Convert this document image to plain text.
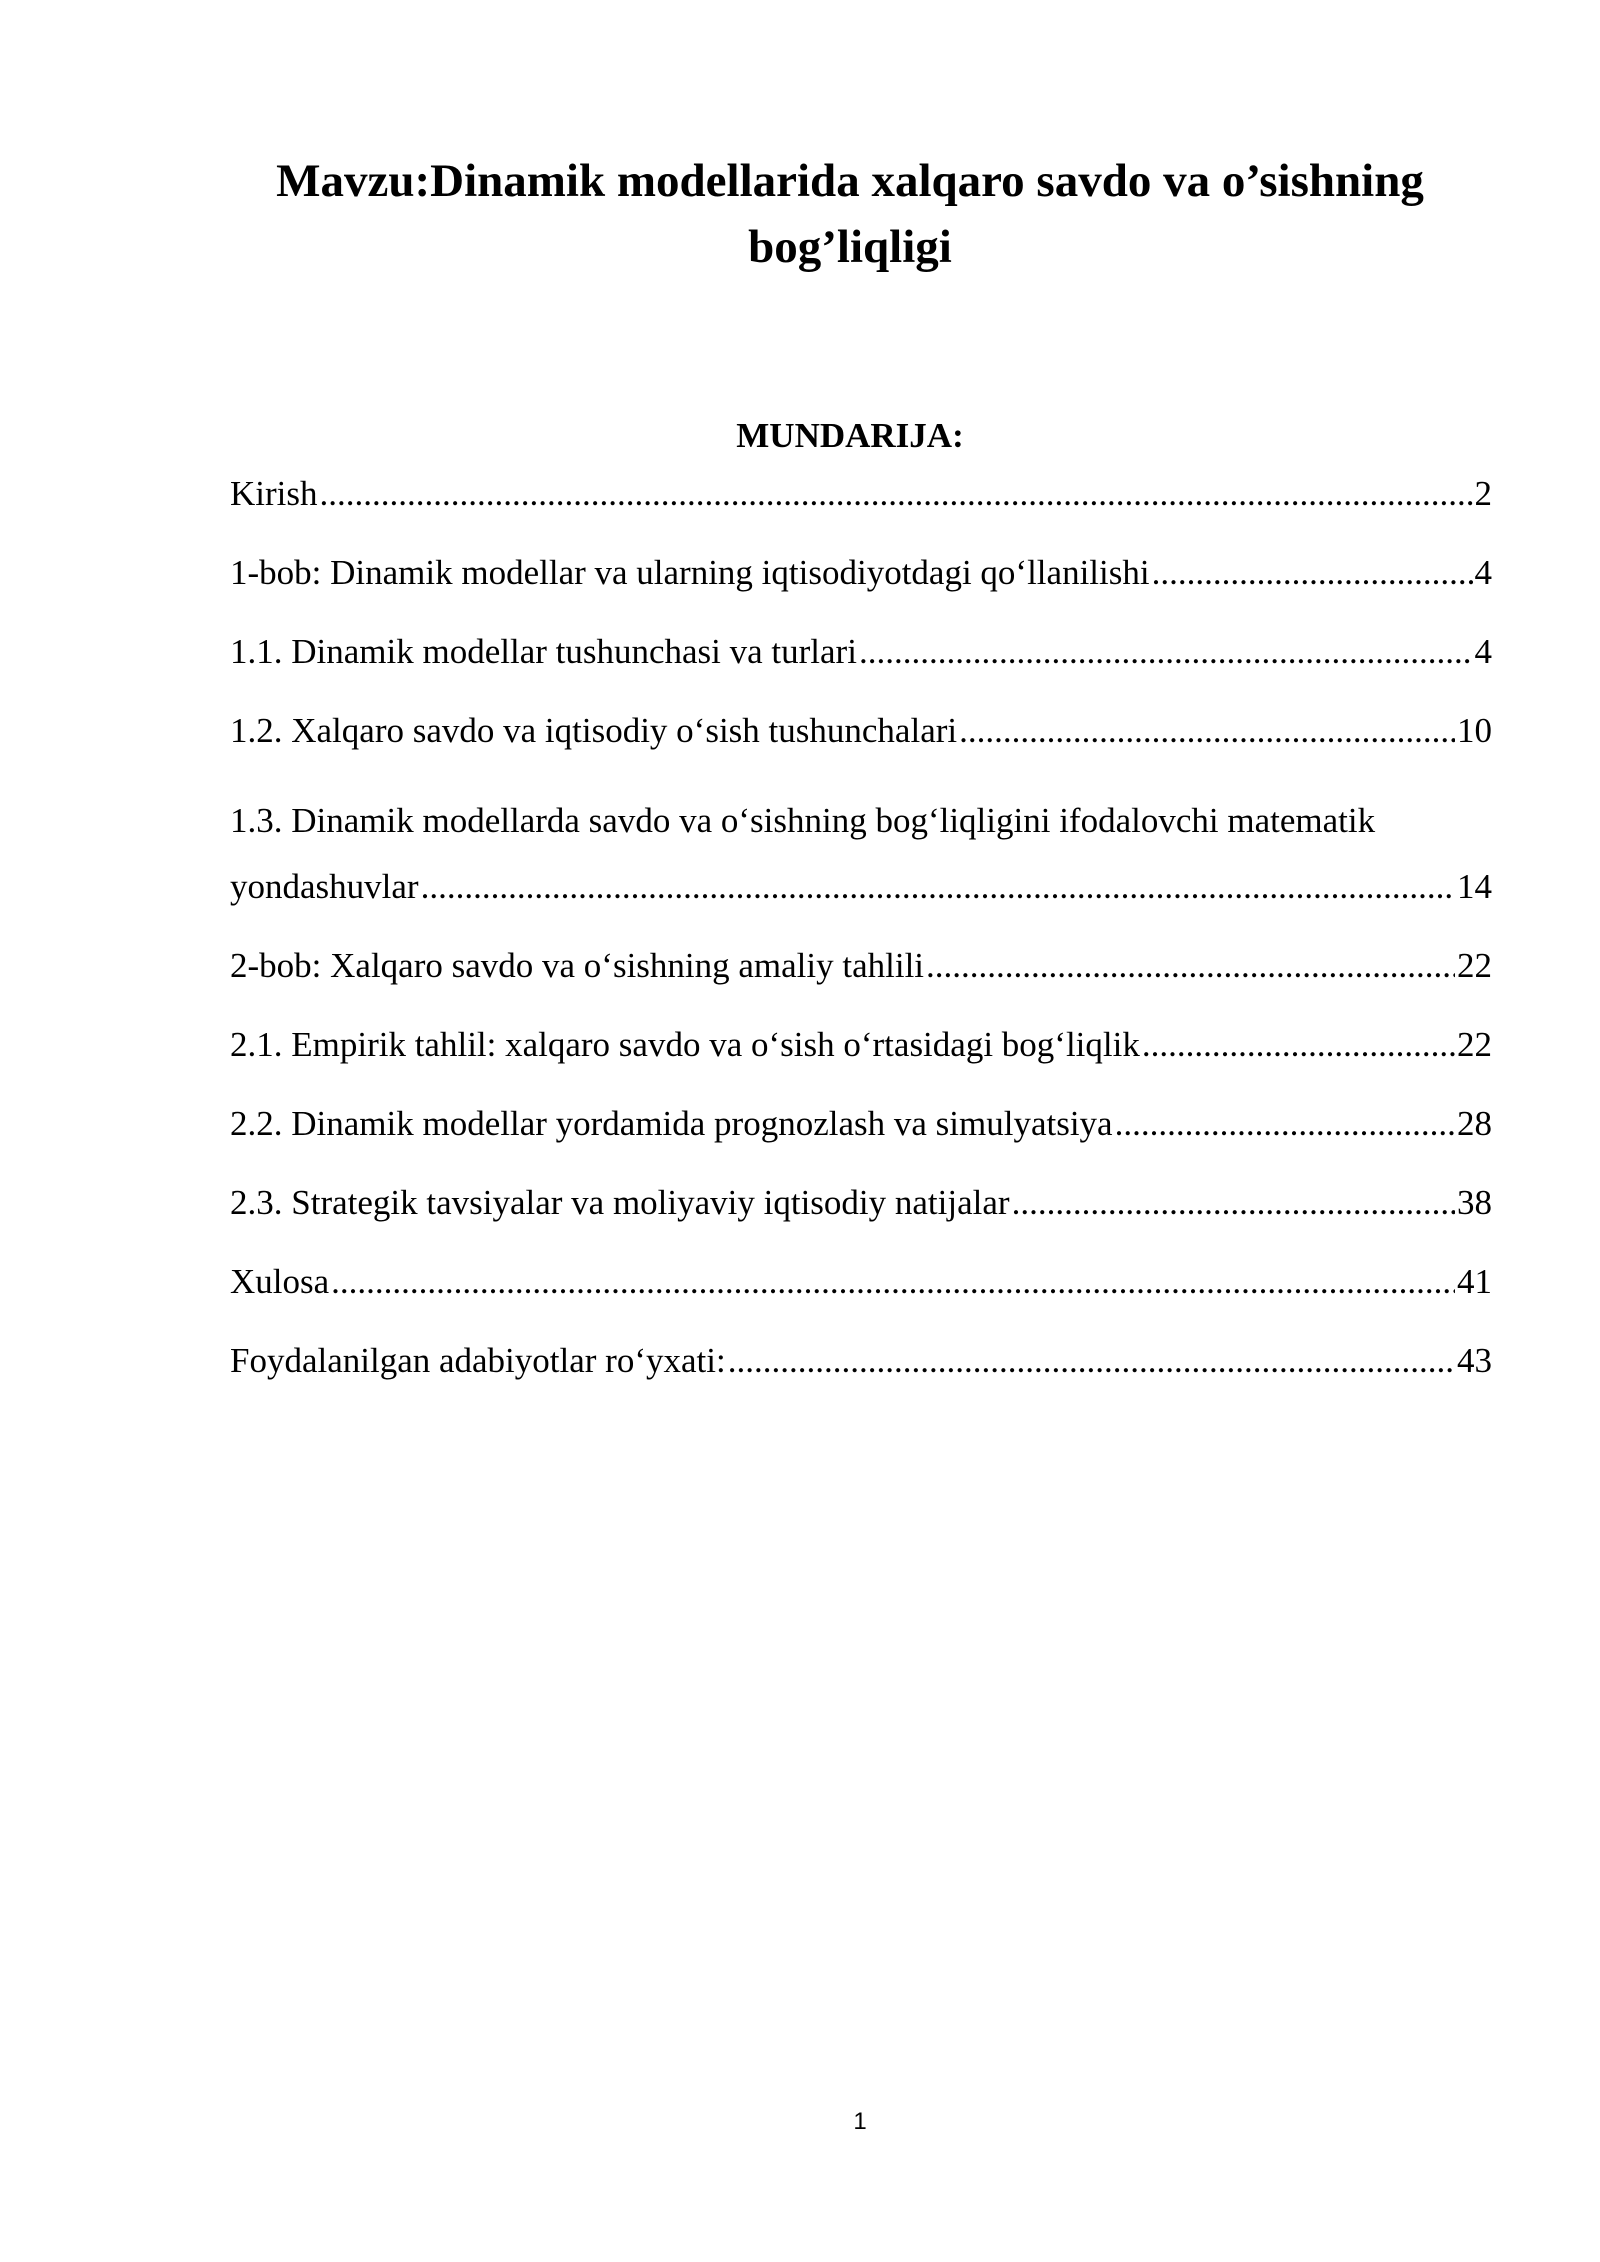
Mavzu:Dinamik modellarida xalqaro savdo va o’sishning
bog’liqligi
MUNDARIJA:
Kirish .....	2
1-bob: Dinamik modellar va ularning iqtisodiyotdagi qo‘llanilishi .....	4
1.1. Dinamik modellar tushunchasi va turlari .....	4
1.2. Xalqaro savdo va iqtisodiy o‘sish tushunchalari .....	10
1.3. Dinamik modellarda savdo va o‘sishning bog‘liqligini ifodalovchi matematik
yondashuvlar .....	14
2-bob: Xalqaro savdo va o‘sishning amaliy tahlili .....	22
2.1. Empirik tahlil: xalqaro savdo va o‘sish o‘rtasidagi bog‘liqlik .....	22
2.2. Dinamik modellar yordamida prognozlash va simulyatsiya .....	28
2.3. Strategik tavsiyalar va moliyaviy iqtisodiy natijalar .....	38
Xulosa .....	41
Foydalanilgan adabiyotlar ro‘yxati: .....	43
1
